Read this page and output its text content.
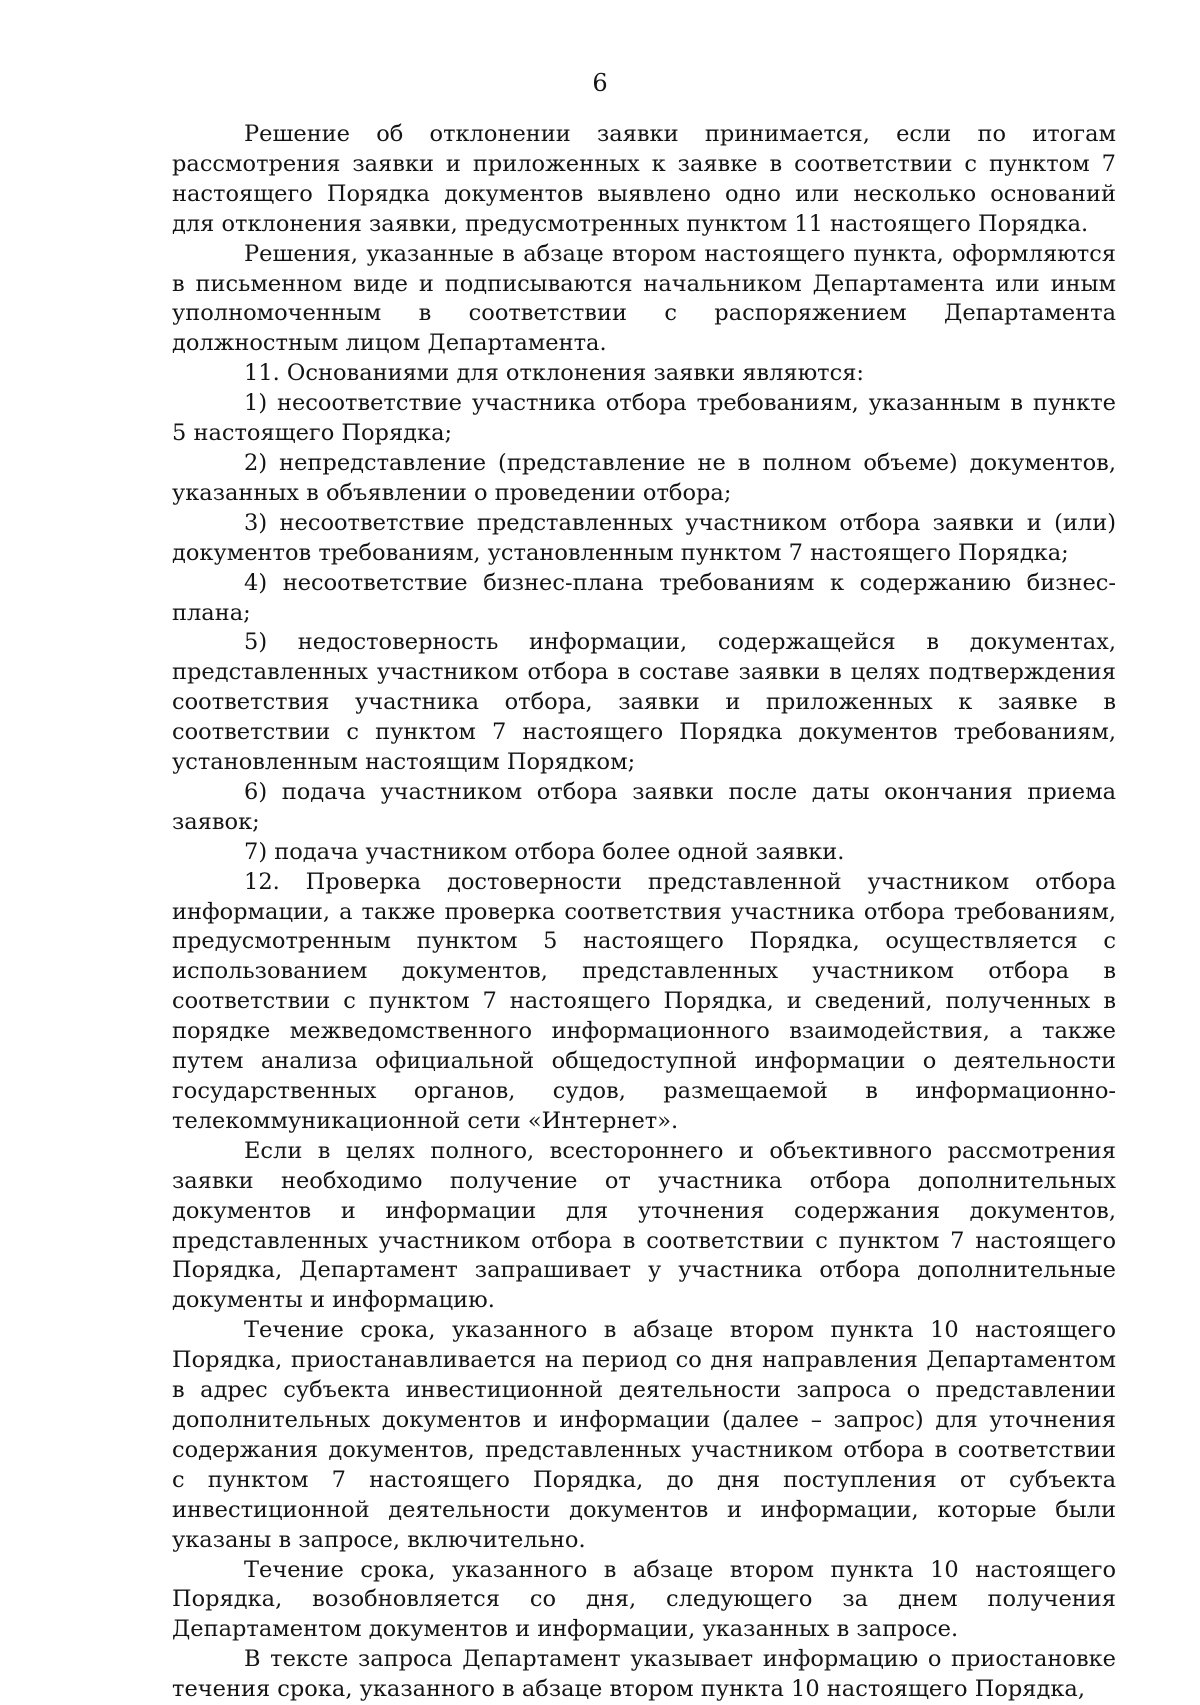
6

Решение об отклонении заявки принимается, если по итогам рассмотрения заявки и приложенных к заявке в соответствии с пунктом 7 настоящего Порядка документов выявлено одно или несколько оснований для отклонения заявки, предусмотренных пунктом 11 настоящего Порядка.

Решения, указанные в абзаце втором настоящего пункта, оформляются в письменном виде и подписываются начальником Департамента или иным уполномоченным в соответствии с распоряжением Департамента должностным лицом Департамента.

11. Основаниями для отклонения заявки являются:

1) несоответствие участника отбора требованиям, указанным в пункте 5 настоящего Порядка;

2) непредставление (представление не в полном объеме) документов, указанных в объявлении о проведении отбора;

3) несоответствие представленных участником отбора заявки и (или) документов требованиям, установленным пунктом 7 настоящего Порядка;

4) несоответствие бизнес-плана требованиям к содержанию бизнес-плана;

5) недостоверность информации, содержащейся в документах, представленных участником отбора в составе заявки в целях подтверждения соответствия участника отбора, заявки и приложенных к заявке в соответствии с пунктом 7 настоящего Порядка документов требованиям, установленным настоящим Порядком;

6) подача участником отбора заявки после даты окончания приема заявок;

7) подача участником отбора более одной заявки.

12. Проверка достоверности представленной участником отбора информации, а также проверка соответствия участника отбора требованиям, предусмотренным пунктом 5 настоящего Порядка, осуществляется с использованием документов, представленных участником отбора в соответствии с пунктом 7 настоящего Порядка, и сведений, полученных в порядке межведомственного информационного взаимодействия, а также путем анализа официальной общедоступной информации о деятельности государственных органов, судов, размещаемой в информационно-телекоммуникационной сети «Интернет».

Если в целях полного, всестороннего и объективного рассмотрения заявки необходимо получение от участника отбора дополнительных документов и информации для уточнения содержания документов, представленных участником отбора в соответствии с пунктом 7 настоящего Порядка, Департамент запрашивает у участника отбора дополнительные документы и информацию.

Течение срока, указанного в абзаце втором пункта 10 настоящего Порядка, приостанавливается на период со дня направления Департаментом в адрес субъекта инвестиционной деятельности запроса о представлении дополнительных документов и информации (далее – запрос) для уточнения содержания документов, представленных участником отбора в соответствии с пунктом 7 настоящего Порядка, до дня поступления от субъекта инвестиционной деятельности документов и информации, которые были указаны в запросе, включительно.

Течение срока, указанного в абзаце втором пункта 10 настоящего Порядка, возобновляется со дня, следующего за днем получения Департаментом документов и информации, указанных в запросе.

В тексте запроса Департамент указывает информацию о приостановке течения срока, указанного в абзаце втором пункта 10 настоящего Порядка,
